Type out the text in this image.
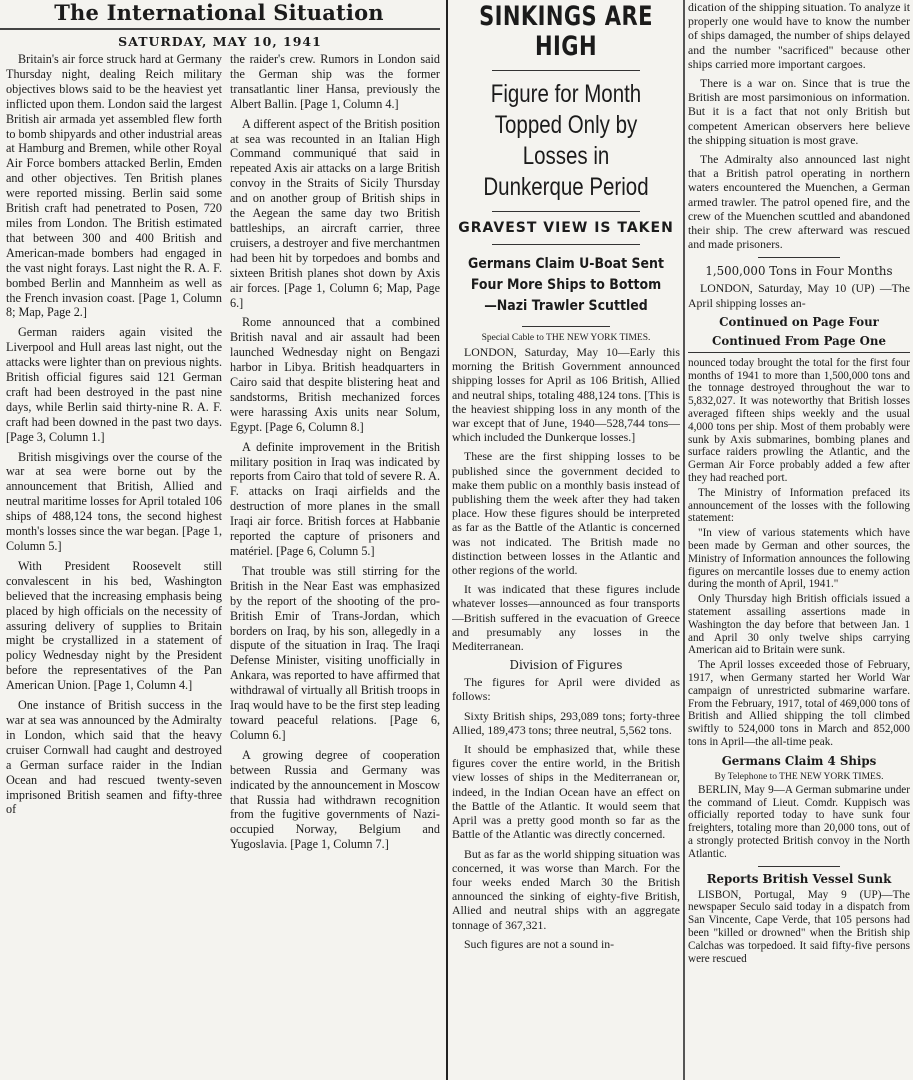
The International Situation
SATURDAY, MAY 10, 1941

Britain's air force struck hard at Germany Thursday night, dealing Reich military objectives blows said to be the heaviest yet inflicted upon them. London said the largest British air armada yet assembled flew forth to bomb shipyards and other industrial areas at Hamburg and Bremen, while other Royal Air Force bombers attacked Berlin, Emden and other objectives. Ten British planes were reported missing. Berlin said some British craft had penetrated to Posen, 720 miles from London. The British estimated that between 300 and 400 British and American-made bombers had engaged in the vast night forays. Last night the R. A. F. bombed Berlin and Mannheim as well as the French invasion coast. [Page 1, Column 8; Map, Page 2.]

German raiders again visited the Liverpool and Hull areas last night, out the attacks were lighter than on previous nights. British official figures said 121 German craft had been destroyed in the past nine days, while Berlin said thirty-nine R. A. F. craft had been downed in the past two days. [Page 3, Column 1.]

British misgivings over the course of the war at sea were borne out by the announcement that British, Allied and neutral maritime losses for April totaled 106 ships of 488,124 tons, the second highest month's losses since the war began. [Page 1, Column 5.]

With President Roosevelt still convalescent in his bed, Washington believed that the increasing emphasis being placed by high officials on the necessity of assuring delivery of supplies to Britain might be crystallized in a statement of policy Wednesday night by the President before the representatives of the Pan American Union. [Page 1, Column 4.]

One instance of British success in the war at sea was announced by the Admiralty in London, which said that the heavy cruiser Cornwall had caught and destroyed a German surface raider in the Indian Ocean and had rescued twenty-seven imprisoned British seamen and fifty-three of

the raider's crew. Rumors in London said the German ship was the former transatlantic liner Hansa, previously the Albert Ballin. [Page 1, Column 4.]

A different aspect of the British position at sea was recounted in an Italian High Command communiqué that said in repeated Axis air attacks on a large British convoy in the Straits of Sicily Thursday and on another group of British ships in the Aegean the same day two British battleships, an aircraft carrier, three cruisers, a destroyer and five merchantmen had been hit by torpedoes and bombs and sixteen British planes shot down by Axis air forces. [Page 1, Column 6; Map, Page 6.]

Rome announced that a combined British naval and air assault had been launched Wednesday night on Bengazi harbor in Libya. British headquarters in Cairo said that despite blistering heat and sandstorms, British mechanized forces were harassing Axis units near Solum, Egypt. [Page 6, Column 8.]

A definite improvement in the British military position in Iraq was indicated by reports from Cairo that told of severe R. A. F. attacks on Iraqi airfields and the destruction of more planes in the small Iraqi air force. British forces at Habbanie reported the capture of prisoners and matériel. [Page 6, Column 5.]

That trouble was still stirring for the British in the Near East was emphasized by the report of the shooting of the pro-British Emir of Trans-Jordan, which borders on Iraq, by his son, allegedly in a dispute of the situation in Iraq. The Iraqi Defense Minister, visiting unofficially in Ankara, was reported to have affirmed that withdrawal of virtually all British troops in Iraq would have to be the first step leading toward peaceful relations. [Page 6, Column 6.]

A growing degree of cooperation between Russia and Germany was indicated by the announcement in Moscow that Russia had withdrawn recognition from the fugitive governments of Nazi-occupied Norway, Belgium and Yugoslavia. [Page 1, Column 7.]

SINKINGS ARE HIGH
Figure for Month Topped Only by Losses in Dunkerque Period
GRAVEST VIEW IS TAKEN
Germans Claim U-Boat Sent Four More Ships to Bottom —Nazi Trawler Scuttled
Special Cable to THE NEW YORK TIMES.

LONDON, Saturday, May 10—Early this morning the British Government announced shipping losses for April as 106 British, Allied and neutral ships, totaling 488,124 tons. [This is the heaviest shipping loss in any month of the war except that of June, 1940—528,744 tons—which included the Dunkerque losses.]

These are the first shipping losses to be published since the government decided to make them public on a monthly basis instead of publishing them the week after they had taken place. How these figures should be interpreted as far as the Battle of the Atlantic is concerned was not indicated. The British made no distinction between losses in the Atlantic and other regions of the world.

It was indicated that these figures include whatever losses—announced as four transports—British suffered in the evacuation of Greece and presumably any losses in the Mediterranean.

Division of Figures

The figures for April were divided as follows:

Sixty British ships, 293,089 tons; forty-three Allied, 189,473 tons; three neutral, 5,562 tons.

It should be emphasized that, while these figures cover the entire world, in the British view losses of ships in the Mediterranean or, indeed, in the Indian Ocean have an effect on the Battle of the Atlantic. It would seem that April was a pretty good month so far as the Battle of the Atlantic was directly concerned.

But as far as the world shipping situation was concerned, it was worse than March. For the four weeks ended March 30 the British announced the sinking of eighty-five British, Allied and neutral ships with an aggregate tonnage of 367,321.

Such figures are not a sound in-

dication of the shipping situation. To analyze it properly one would have to know the number of ships damaged, the number of ships delayed and the number "sacrificed" because other ships carried more important cargoes.

There is a war on. Since that is true the British are most parsimonious on information. But it is a fact that not only British but competent American observers here believe the shipping situation is most grave.

The Admiralty also announced last night that a British patrol operating in northern waters encountered the Muenchen, a German armed trawler. The patrol opened fire, and the crew of the Muenchen scuttled and abandoned their ship. The crew afterward was rescued and made prisoners.

1,500,000 Tons in Four Months

LONDON, Saturday, May 10 (UP) —The April shipping losses an-

Continued on Page Four
Continued From Page One

nounced today brought the total for the first four months of 1941 to more than 1,500,000 tons and the tonnage destroyed throughout the war to 5,832,027. It was noteworthy that British losses averaged fifteen ships weekly and the usual 4,000 tons per ship. Most of them probably were sunk by Axis submarines, bombing planes and surface raiders prowling the Atlantic, and the German Air Force probably added a few after they had reached port.

The Ministry of Information prefaced its announcement of the losses with the following statement:

"In view of various statements which have been made by German and other sources, the Ministry of Information announces the following figures on mercantile losses due to enemy action during the month of April, 1941."

Only Thursday high British officials issued a statement assailing assertions made in Washington the day before that between Jan. 1 and April 30 only twelve ships carrying American aid to Britain were sunk.

The April losses exceeded those of February, 1917, when Germany started her World War campaign of unrestricted submarine warfare. From the February, 1917, total of 469,000 tons of British and Allied shipping the toll climbed swiftly to 524,000 tons in March and 852,000 tons in April—the all-time peak.

Germans Claim 4 Ships
By Telephone to THE NEW YORK TIMES.

BERLIN, May 9—A German submarine under the command of Lieut. Comdr. Kuppisch was officially reported today to have sunk four freighters, totaling more than 20,000 tons, out of a strongly protected British convoy in the North Atlantic.

Reports British Vessel Sunk

LISBON, Portugal, May 9 (UP)—The newspaper Seculo said today in a dispatch from San Vincente, Cape Verde, that 105 persons had been "killed or drowned" when the British ship Calchas was torpedoed. It said fifty-five persons were rescued
